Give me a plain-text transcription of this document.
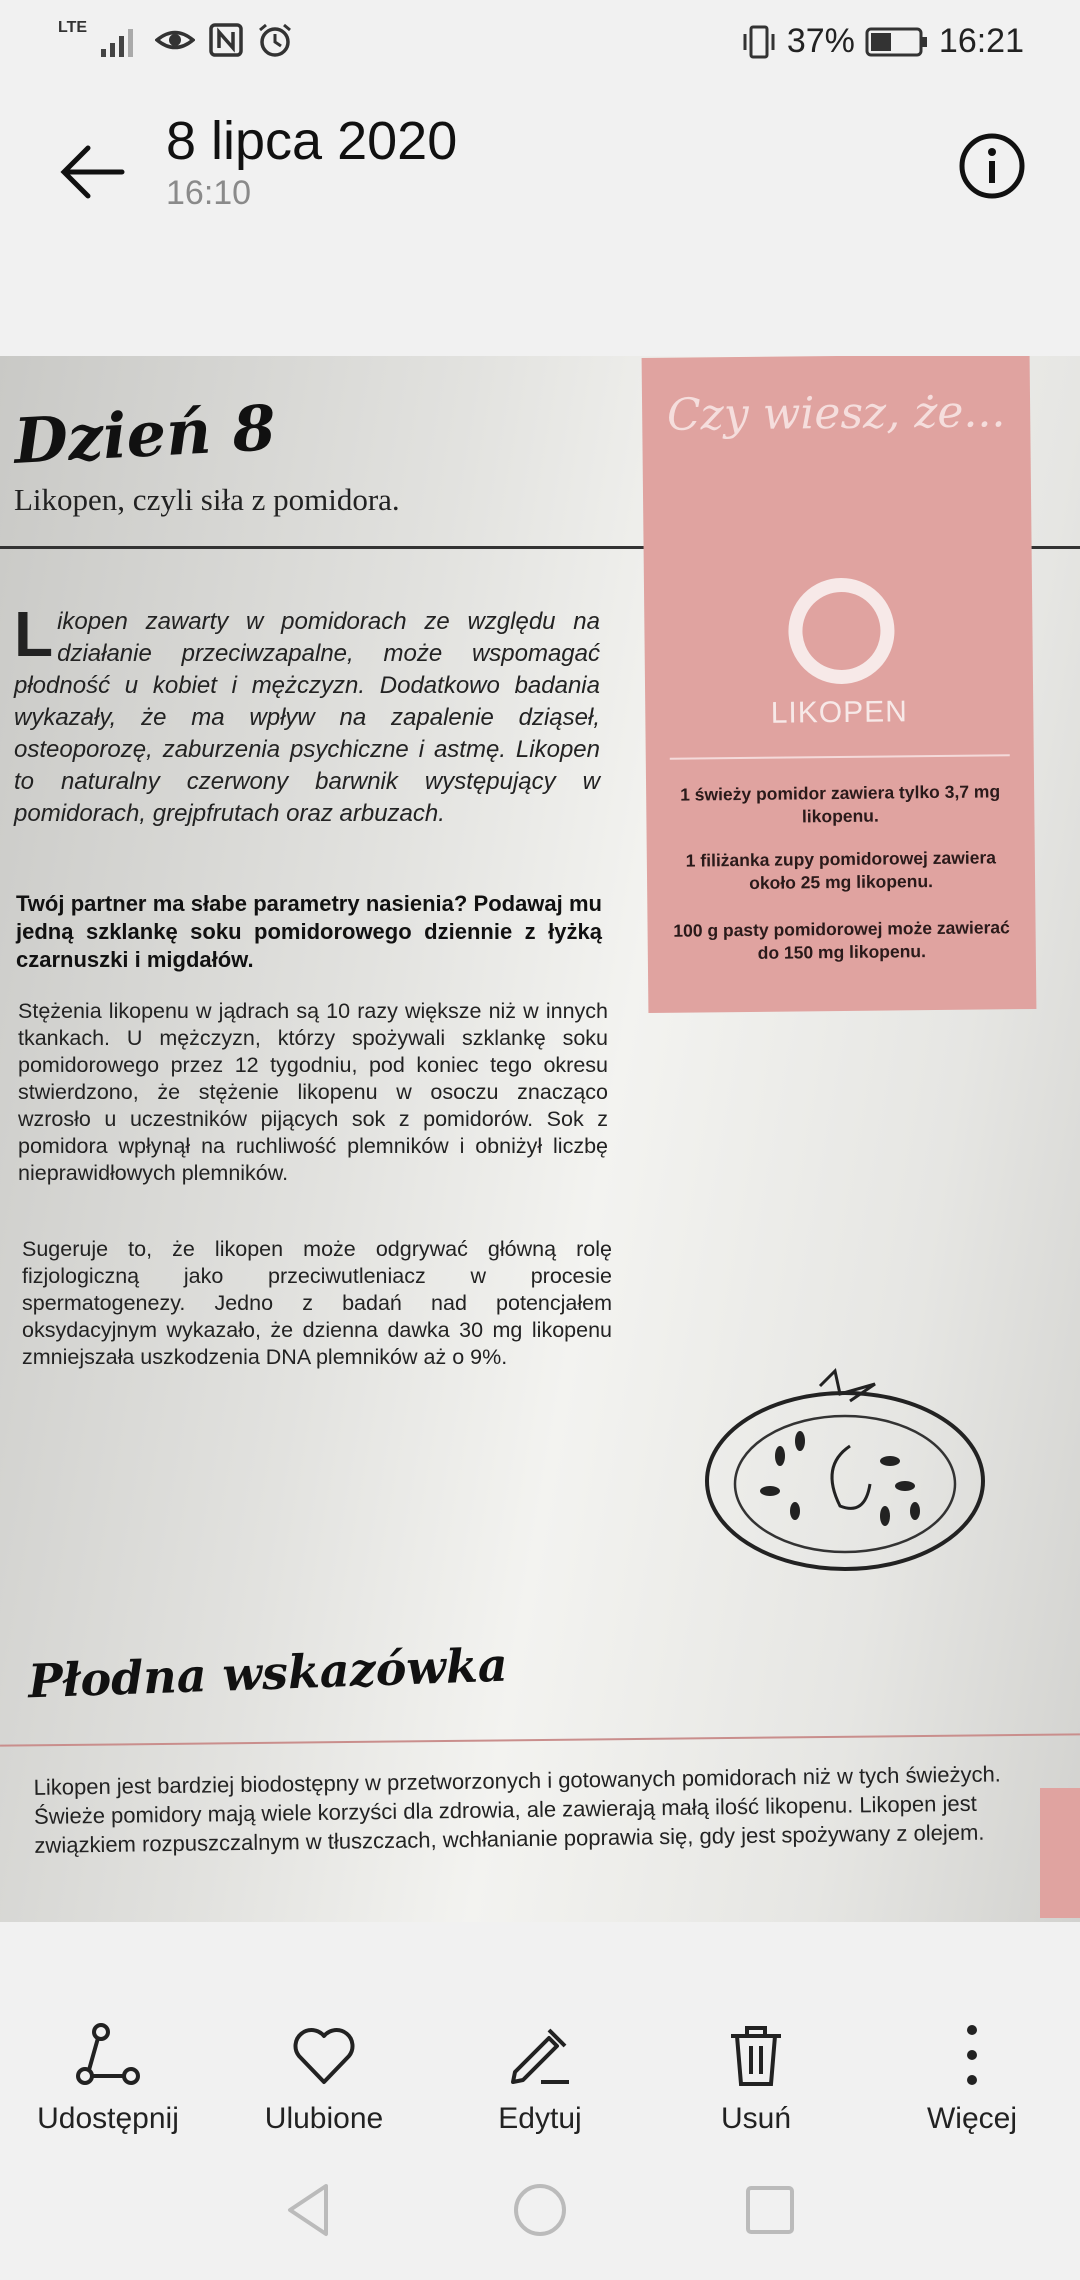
LTE	37% 16:21
8 lipca 2020
16:10
Dzień 8
Likopen, czyli siła z pomidora.
Likopen zawarty w pomidorach ze względu na działanie przeciwzapalne, może wspomagać płodność u kobiet i mężczyzn. Dodatkowo badania wykazały, że ma wpływ na zapalenie dziąseł, osteoporozę, zaburzenia psychiczne i astmę. Likopen to naturalny czerwony barwnik występujący w pomidorach, grejpfrutach oraz arbuzach.
Twój partner ma słabe parametry nasienia? Podawaj mu jedną szklankę soku pomidorowego dziennie z łyżką czarnuszki i migdałów.
Stężenia likopenu w jądrach są 10 razy większe niż w innych tkankach. U mężczyzn, którzy spożywali szklankę soku pomidorowego przez 12 tygodniu, pod koniec tego okresu stwierdzono, że stężenie likopenu w osoczu znacząco wzrosło u uczestników pijących sok z pomidorów. Sok z pomidora wpłynął na ruchliwość plemników i obniżył liczbę nieprawidłowych plemników.
Sugeruje to, że likopen może odgrywać główną rolę fizjologiczną jako przeciwutleniacz w procesie spermatogenezy. Jedno z badań nad potencjałem oksydacyjnym wykazało, że dzienna dawka 30 mg likopenu zmniejszała uszkodzenia DNA plemników aż o 9%.
Czy wiesz, że...
LIKOPEN
1 świeży pomidor zawiera tylko 3,7 mg likopenu.
1 filiżanka zupy pomidorowej zawiera około 25 mg likopenu.
100 g pasty pomidorowej może zawierać do 150 mg likopenu.
Płodna wskazówka
Likopen jest bardziej biodostępny w przetworzonych i gotowanych pomidorach niż w tych świeżych. Świeże pomidory mają wiele korzyści dla zdrowia, ale zawierają małą ilość likopenu. Likopen jest związkiem rozpuszczalnym w tłuszczach, wchłanianie poprawia się, gdy jest spożywany z olejem.
Udostępnij	Ulubione	Edytuj	Usuń	Więcej
